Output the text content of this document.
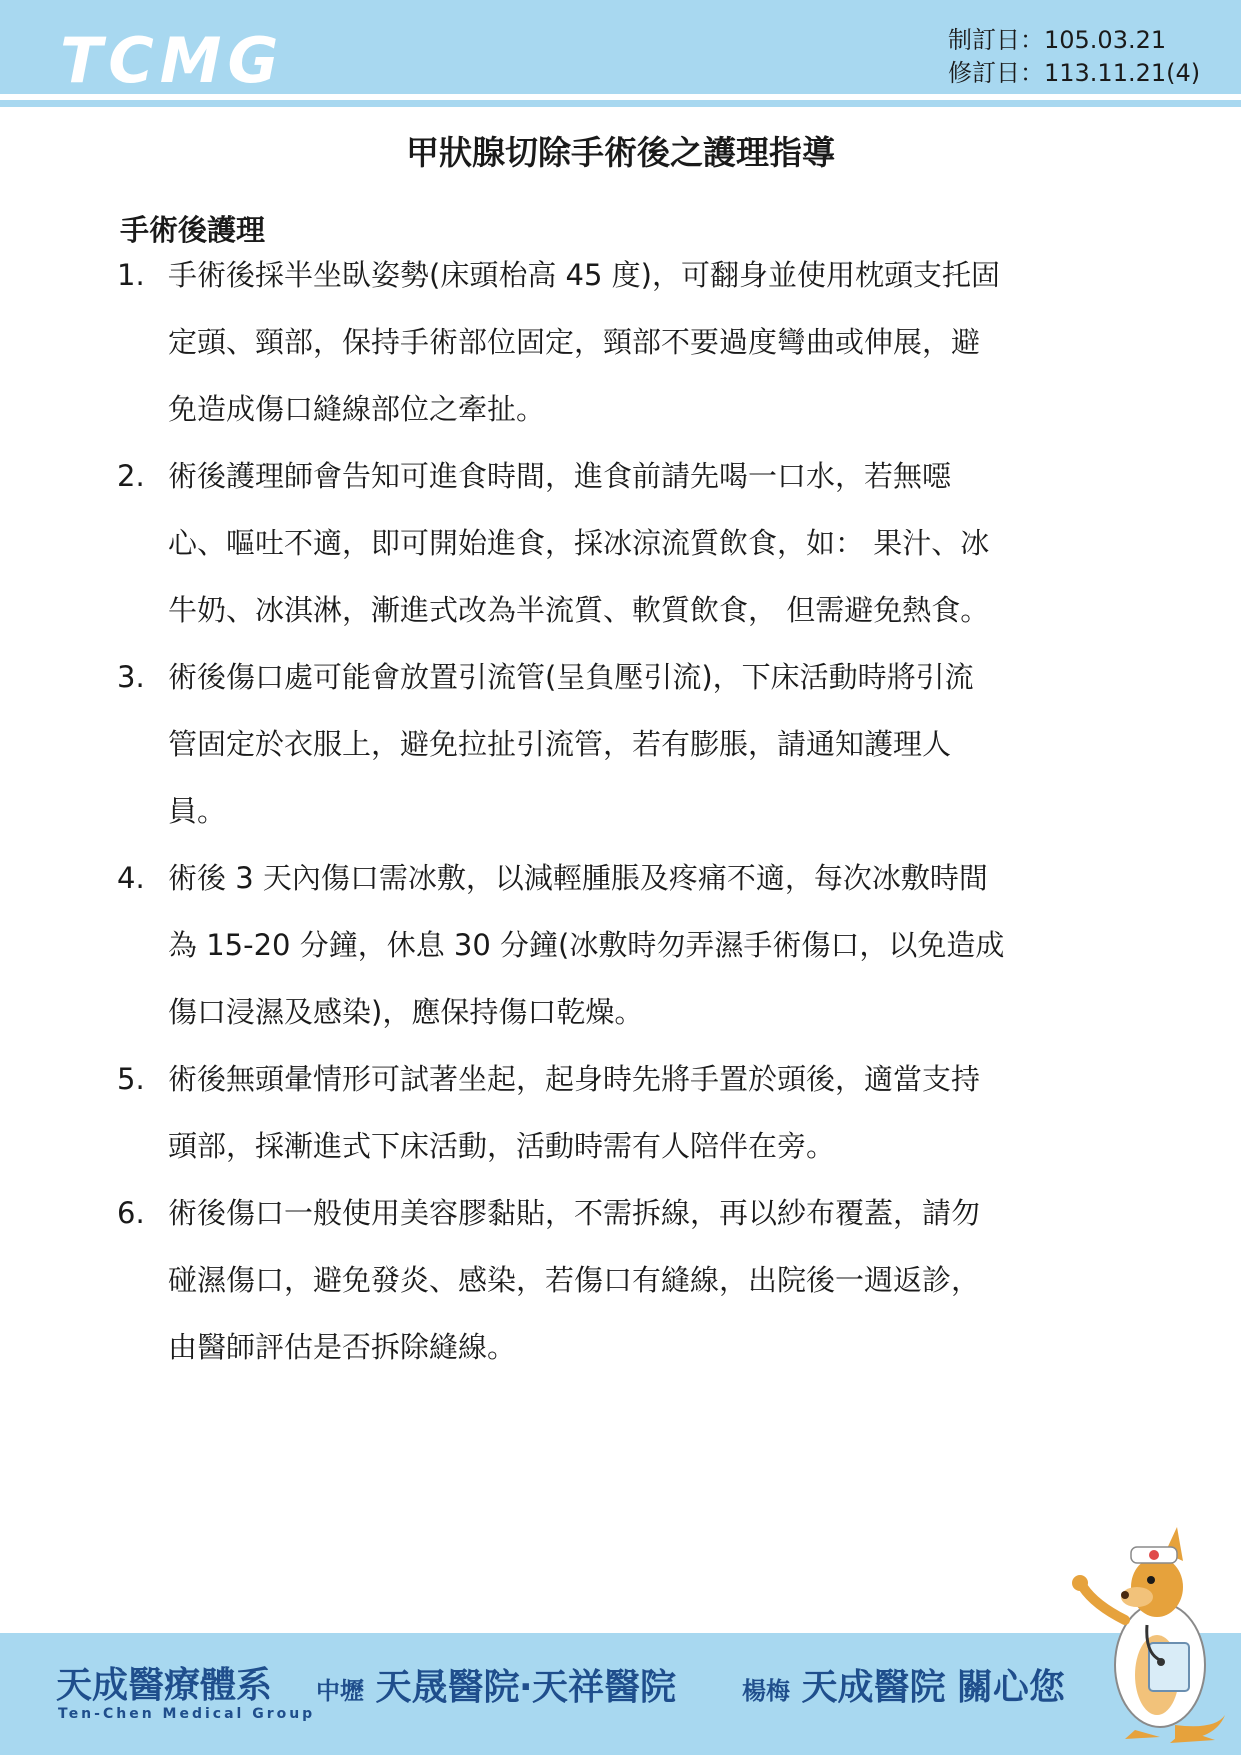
TCMG	制訂日：105.03.21
修訂日：113.11.21(4)
甲狀腺切除手術後之護理指導
手術後護理
1. 手術後採半坐臥姿勢(床頭枱高 45 度)，可翻身並使用枕頭支托固
定頭、頸部，保持手術部位固定，頸部不要過度彎曲或伸展，避
免造成傷口縫線部位之牽扯。
2. 術後護理師會告知可進食時間，進食前請先喝一口水，若無噁
心、嘔吐不適，即可開始進食，採冰涼流質飲食，如： 果汁、冰
牛奶、冰淇淋，漸進式改為半流質、軟質飲食， 但需避免熱食。
3. 術後傷口處可能會放置引流管(呈負壓引流)，下床活動時將引流
管固定於衣服上，避免拉扯引流管，若有膨脹，請通知護理人
員。
4. 術後 3 天內傷口需冰敷，以減輕腫脹及疼痛不適，每次冰敷時間
為 15-20 分鐘，休息 30 分鐘(冰敷時勿弄濕手術傷口，以免造成
傷口浸濕及感染)，應保持傷口乾燥。
5. 術後無頭暈情形可試著坐起，起身時先將手置於頭後，適當支持
頭部，採漸進式下床活動，活動時需有人陪伴在旁。
6. 術後傷口一般使用美容膠黏貼，不需拆線，再以紗布覆蓋，請勿
碰濕傷口，避免發炎、感染，若傷口有縫線，出院後一週返診，
由醫師評估是否拆除縫線。
天成醫療體系
Ten-Chen Medical Group
中壢 天晟醫院‧天祥醫院	楊梅 天成醫院 關心您
